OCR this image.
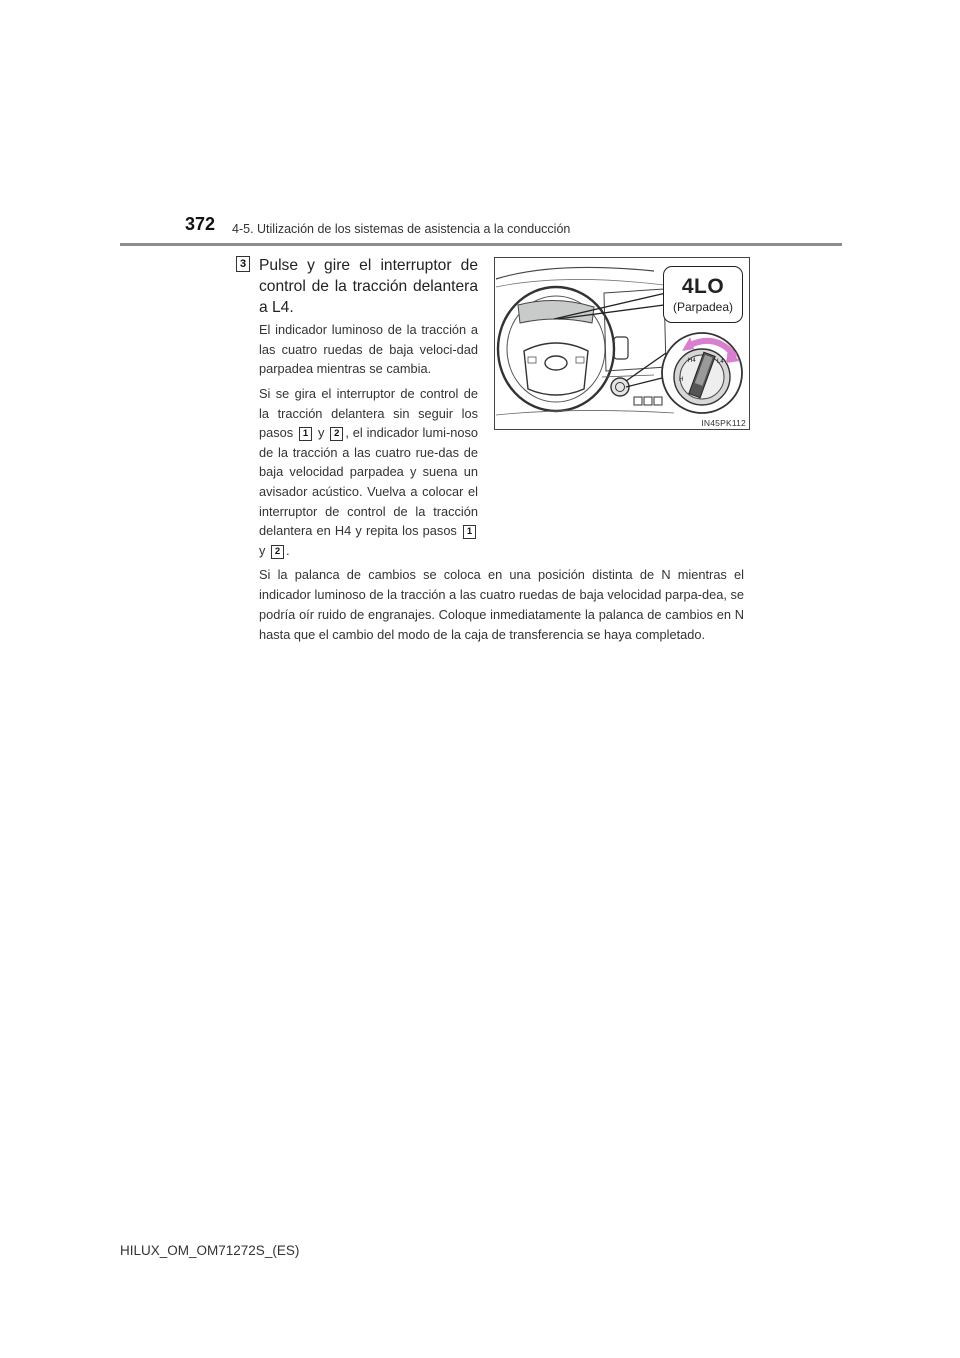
372 4-5. Utilización de los sistemas de asistencia a la conducción
3 Pulse y gire el interruptor de control de la tracción delantera a L4.

El indicador luminoso de la tracción a las cuatro ruedas de baja veloci-dad parpadea mientras se cambia.

Si se gira el interruptor de control de la tracción delantera sin seguir los pasos 1 y 2 , el indicador lumi-noso de la tracción a las cuatro rue-das de baja velocidad parpadea y suena un avisador acústico. Vuelva a colocar el interruptor de control de la tracción delantera en H4 y repita los pasos 1 y 2 .

H4	L4
H
4LO
(Parpadea)
IN45PK112

Si la palanca de cambios se coloca en una posición distinta de N mientras el indicador luminoso de la tracción a las cuatro ruedas de baja velocidad parpa-dea, se podría oír ruido de engranajes. Coloque inmediatamente la palanca de cambios en N hasta que el cambio del modo de la caja de transferencia se haya completado.

HILUX_OM_OM71272S_(ES)
